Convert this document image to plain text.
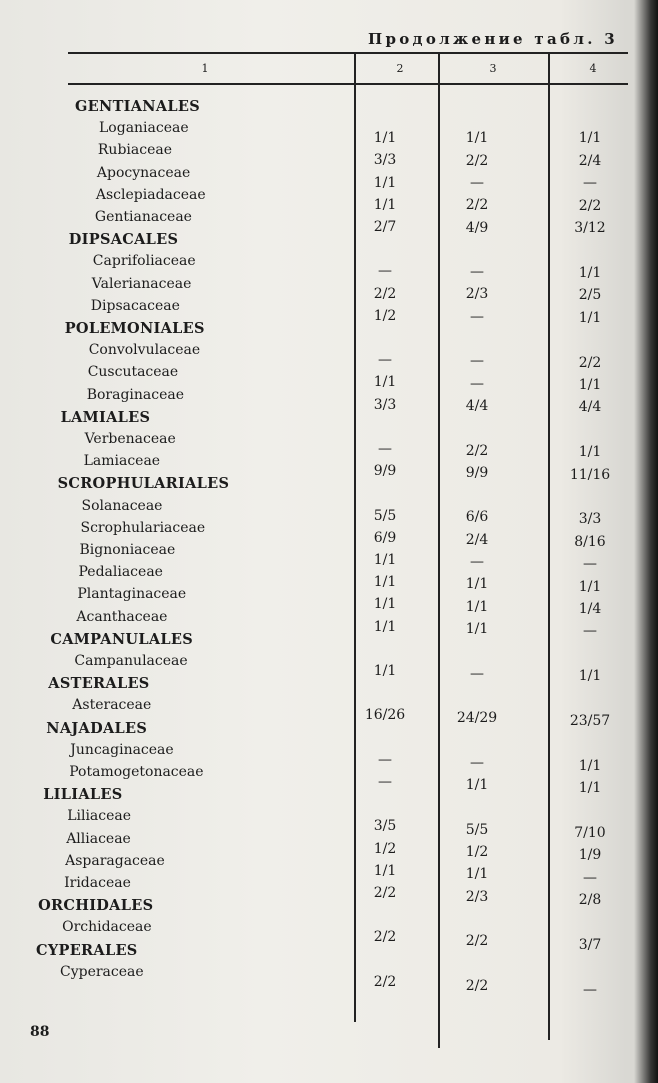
Продолжение табл. 3
1	2	3	4
GENTIANALES
Loganiaceae
1/1	1/1	1/1
Rubiaceae
3/3	2/2	2/4
Apocynaceae
1/1	—	—
Asclepiadaceae
1/1	2/2	2/2
Gentianaceae
2/7	4/9	3/12
DIPSACALES
Caprifoliaceae
—	—	1/1
Valerianaceae
2/2	2/3	2/5
Dipsacaceae
1/2	—	1/1
POLEMONIALES
Convolvulaceae
—	—	2/2
Cuscutaceae
1/1	—	1/1
Boraginaceae
3/3	4/4	4/4
LAMIALES
Verbenaceae
—	2/2	1/1
Lamiaceae
9/9	9/9	11/16
SCROPHULARIALES
Solanaceae
5/5	6/6	3/3
Scrophulariaceae
6/9	2/4	8/16
Bignoniaceae
1/1	—	—
Pedaliaceae
1/1	1/1	1/1
Plantaginaceae
1/1	1/1	1/4
Acanthaceae
1/1	1/1	—
CAMPANULALES
Campanulaceae
1/1	—	1/1
ASTERALES
Asteraceae
16/26	24/29	23/57
NAJADALES
Juncaginaceae
—	—	1/1
Potamogetonaceae
—	1/1	1/1
LILIALES
Liliaceae
3/5	5/5	7/10
Alliaceae
1/2	1/2	1/9
Asparagaceae
1/1	1/1	—
Iridaceae
2/2	2/3	2/8
ORCHIDALES
Orchidaceae
2/2	2/2	3/7
CYPERALES
Cyperaceae
2/2	2/2	—
88
